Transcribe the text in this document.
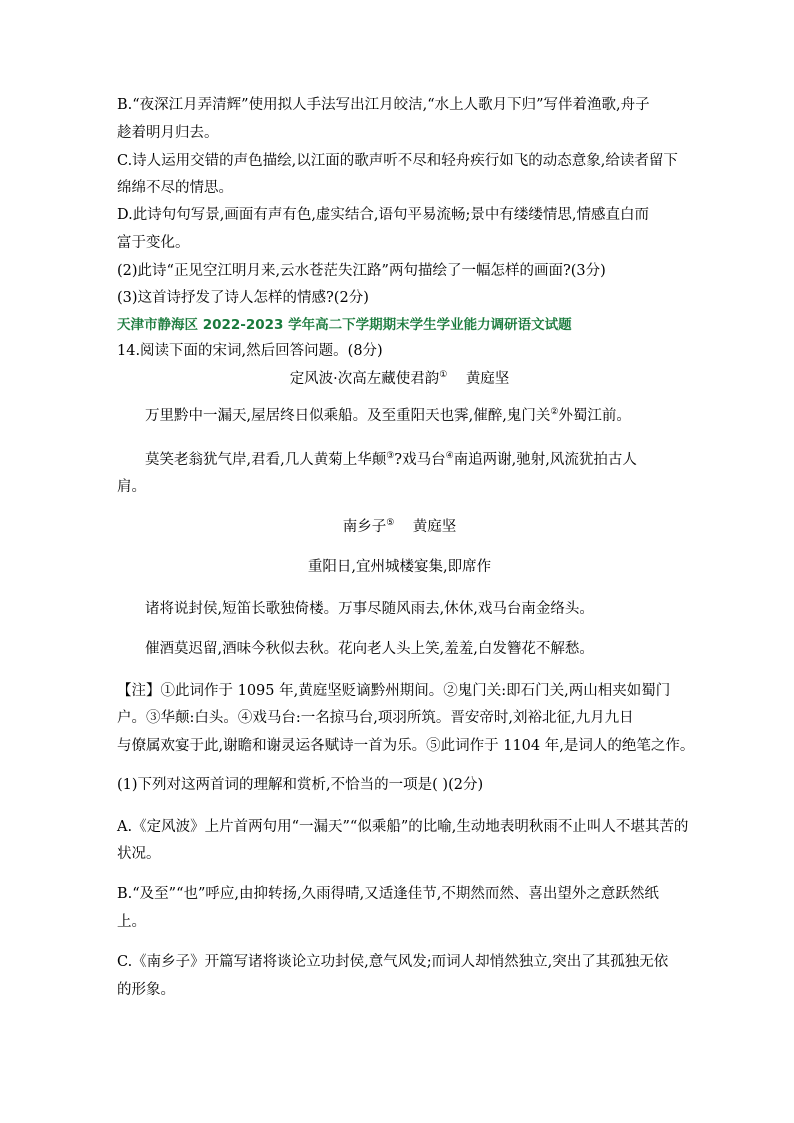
B.“夜深江月弄清辉”使用拟人手法写出江月皎洁,“水上人歌月下归”写伴着渔歌,舟子
趁着明月归去。
C.诗人运用交错的声色描绘,以江面的歌声听不尽和轻舟疾行如飞的动态意象,给读者留下
绵绵不尽的情思。
D.此诗句句写景,画面有声有色,虚实结合,语句平易流畅;景中有缕缕情思,情感直白而
富于变化。
(2)此诗“正见空江明月来,云水苍茫失江路”两句描绘了一幅怎样的画面?(3分)
(3)这首诗抒发了诗人怎样的情感?(2分)
天津市静海区 2022-2023 学年高二下学期期末学生学业能力调研语文试题
14.阅读下面的宋词,然后回答问题。(8分)
定风波·次高左藏使君韵① 黄庭坚
万里黔中一漏天,屋居终日似乘船。及至重阳天也霁,催醉,鬼门关②外蜀江前。
莫笑老翁犹气岸,君看,几人黄菊上华颠③?戏马台④南追两谢,驰射,风流犹拍古人
肩。
南乡子⑤ 黄庭坚
重阳日,宜州城楼宴集,即席作
诸将说封侯,短笛长歌独倚楼。万事尽随风雨去,休休,戏马台南金络头。
催酒莫迟留,酒味今秋似去秋。花向老人头上笑,羞羞,白发簪花不解愁。
【注】①此词作于 1095 年,黄庭坚贬谪黔州期间。②鬼门关:即石门关,两山相夹如蜀门
户。③华颠:白头。④戏马台:一名掠马台,项羽所筑。晋安帝时,刘裕北征,九月九日
与僚属欢宴于此,谢瞻和谢灵运各赋诗一首为乐。⑤此词作于 1104 年,是词人的绝笔之作。
(1)下列对这两首词的理解和赏析,不恰当的一项是( )(2分)
A.《定风波》上片首两句用“一漏天”“似乘船”的比喻,生动地表明秋雨不止叫人不堪其苦的
状况。
B.“及至”“也”呼应,由抑转扬,久雨得晴,又适逢佳节,不期然而然、喜出望外之意跃然纸
上。
C.《南乡子》开篇写诸将谈论立功封侯,意气风发;而词人却悄然独立,突出了其孤独无依
的形象。
